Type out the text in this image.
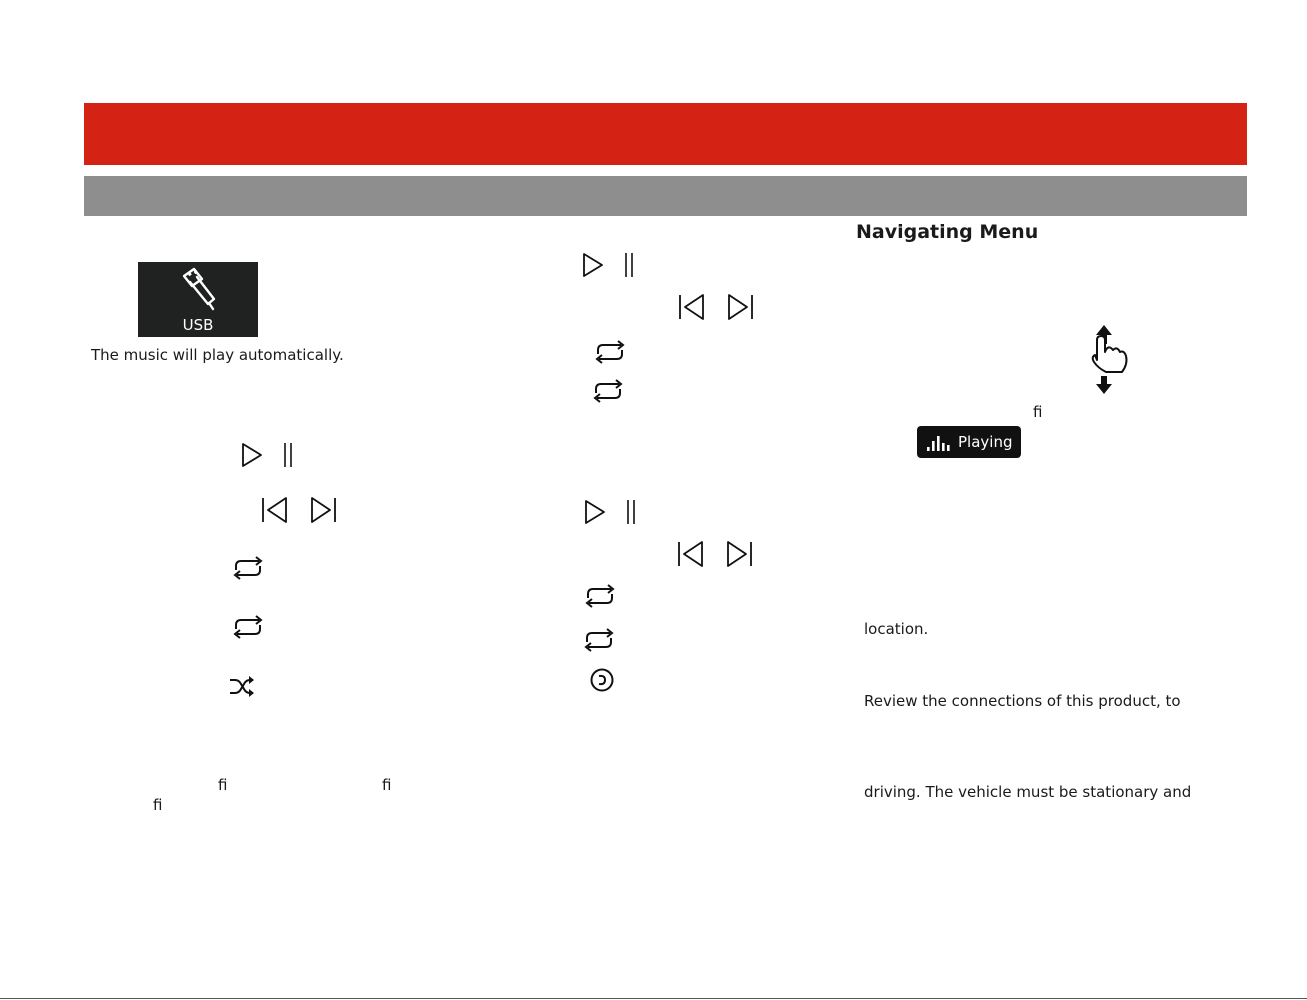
USB
The music will play automatically.
ﬁ	ﬁ
ﬁ
Navigating Menu
ﬁ
Playing
location.
Review the connections of this product, to
driving. The vehicle must be stationary and
